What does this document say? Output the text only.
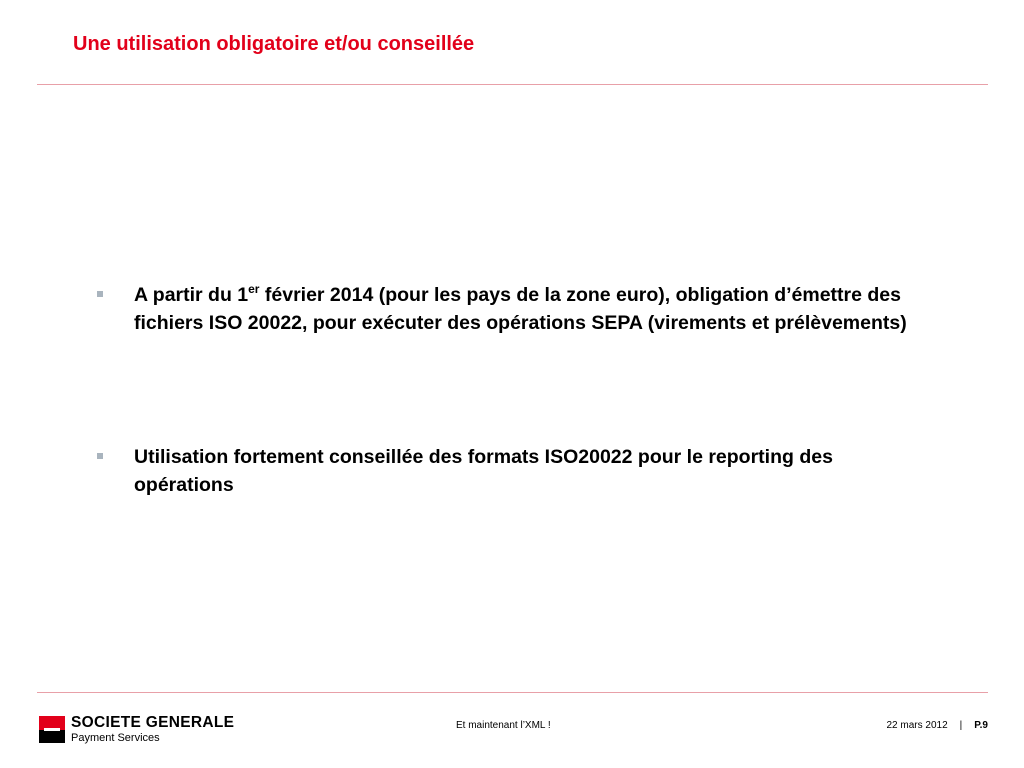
Une utilisation obligatoire et/ou conseillée
A partir du 1er février 2014 (pour les pays de la zone euro), obligation d’émettre des fichiers ISO 20022, pour exécuter des opérations SEPA (virements et prélèvements)
Utilisation fortement conseillée des formats ISO20022 pour le reporting des opérations
SOCIETE GENERALE
Payment Services
Et maintenant l’XML !	22 mars 2012 | P.9
